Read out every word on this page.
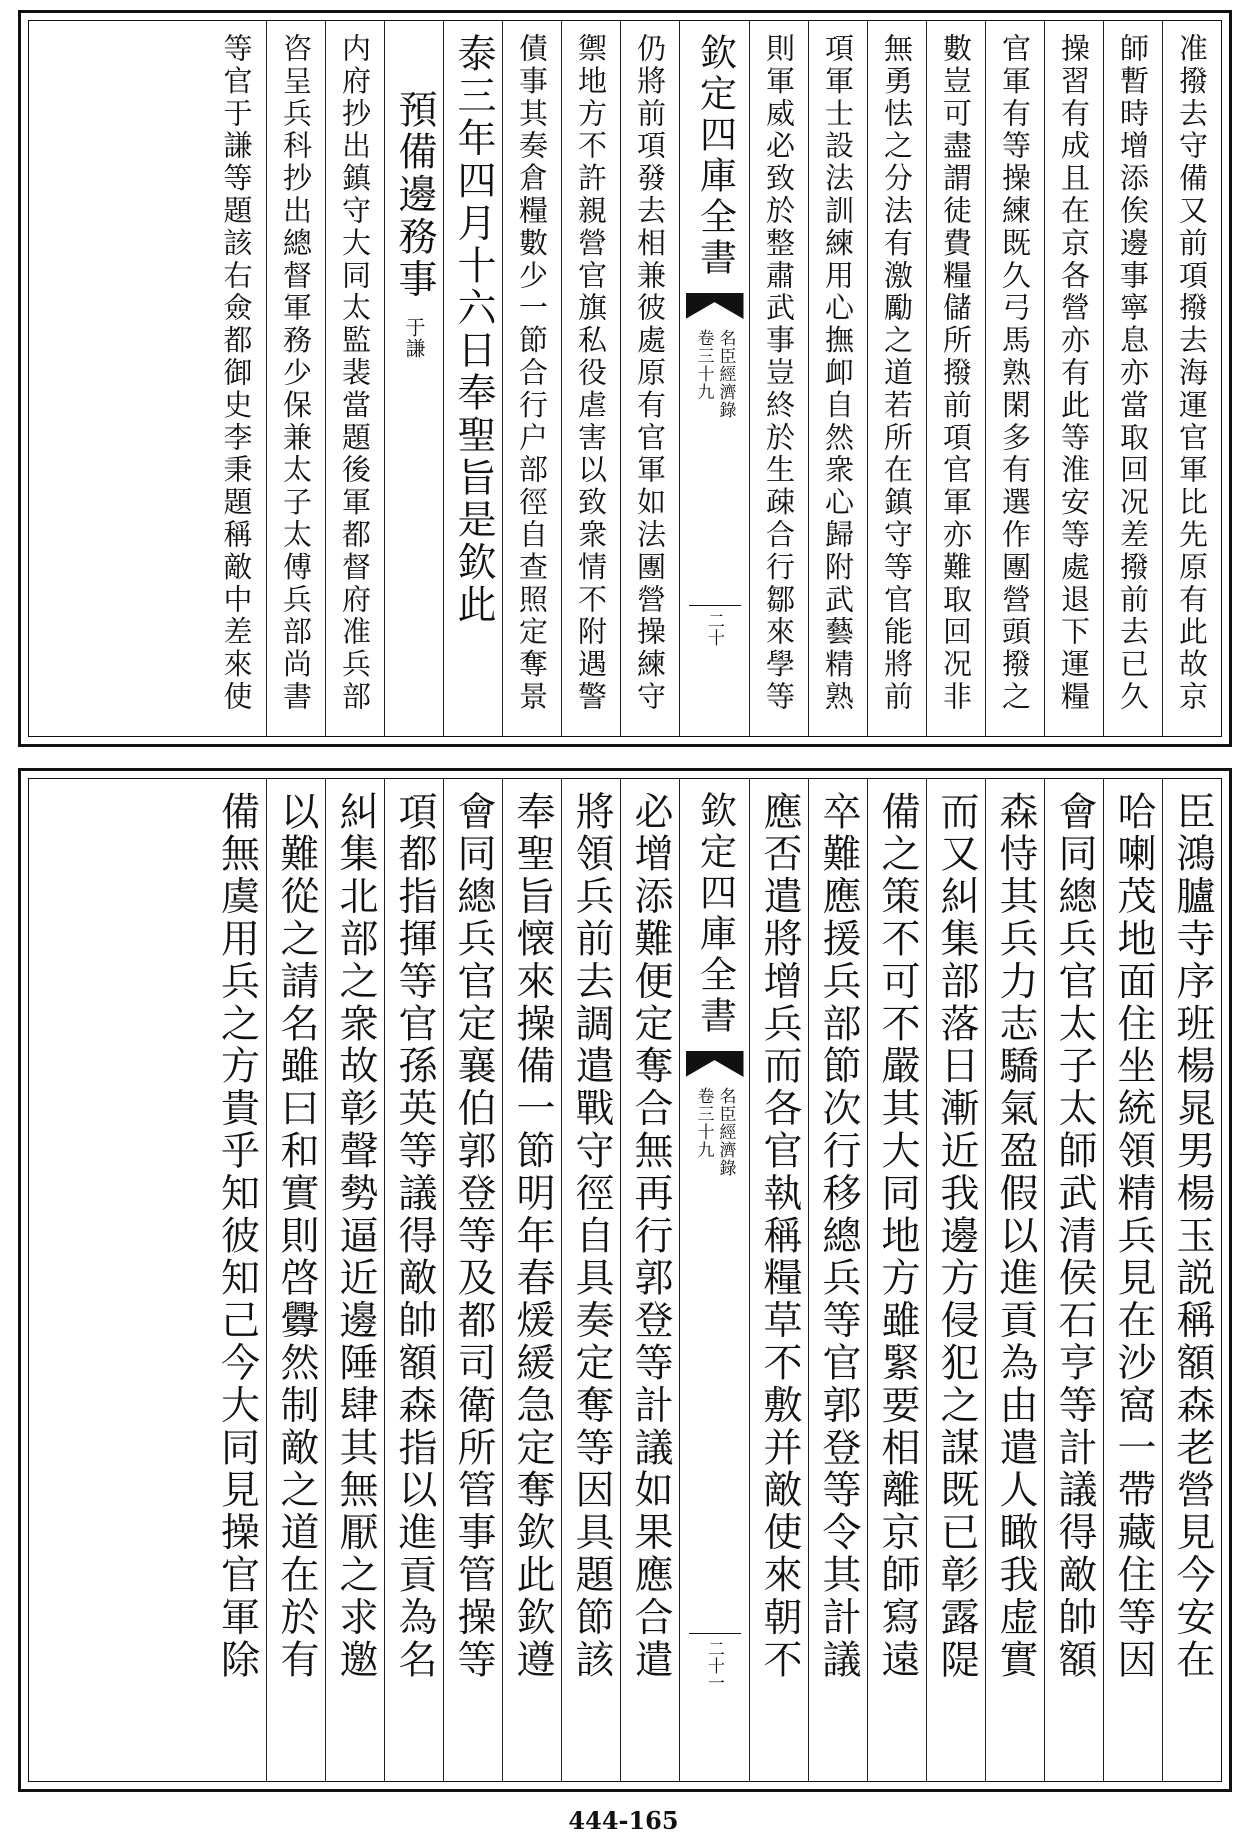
准撥去守備又前項撥去海運官軍比先原有此故京
師暫時增添俟邊事寧息亦當取回况差撥前去已久
操習有成且在京各營亦有此等淮安等處退下運糧
官軍有等操練既久弓馬熟閑多有選作團營頭撥之
數豈可盡謂徒費糧儲所撥前項官軍亦難取回况非
無勇怯之分法有激勵之道若所在鎮守等官能將前
項軍士設法訓練用心撫卹自然衆心歸附武藝精熟
則軍威必致於整肅武事豈終於生疎合行鄒來學等
欽定四庫全書
名臣經濟錄
卷三十九
二十
仍將前項發去相兼彼處原有官軍如法團營操練守
禦地方不許親營官旗私役虐害以致衆情不附遇警
債事其奏倉糧數少一節合行户部徑自查照定奪景
泰三年四月十六日奉聖旨是欽此
預備邊務事
于謙
内府抄出鎮守大同太監裴當題後軍都督府准兵部
咨呈兵科抄出總督軍務少保兼太子太傅兵部尚書
等官于謙等題該右僉都御史李秉題稱敵中差來使
臣鴻臚寺序班楊晁男楊玉説稱額森老營見今安在
哈喇茂地面住坐統領精兵見在沙窩一帶藏住等因
會同總兵官太子太師武清侯石亨等計議得敵帥額
森恃其兵力志驕氣盈假以進貢為由遣人瞰我虚實
而又糾集部落日漸近我邊方侵犯之謀既已彰露隄
備之策不可不嚴其大同地方雖緊要相離京師寫遠
卒難應援兵部節次行移總兵等官郭登等令其計議
應否遣將增兵而各官執稱糧草不敷并敵使來朝不
欽定四庫全書
名臣經濟錄
卷三十九
二十一
必增添難便定奪合無再行郭登等計議如果應合遣
將領兵前去調遣戰守徑自具奏定奪等因具題節該
奉聖旨懐來操備一節明年春煖緩急定奪欽此欽遵
會同總兵官定襄伯郭登等及都司衛所管事管操等
項都指揮等官孫英等議得敵帥額森指以進貢為名
糾集北部之衆故彰聲勢逼近邊陲肆其無厭之求邀
以難從之請名雖曰和實則啓釁然制敵之道在於有
備無虞用兵之方貴乎知彼知己今大同見操官軍除
444-165
